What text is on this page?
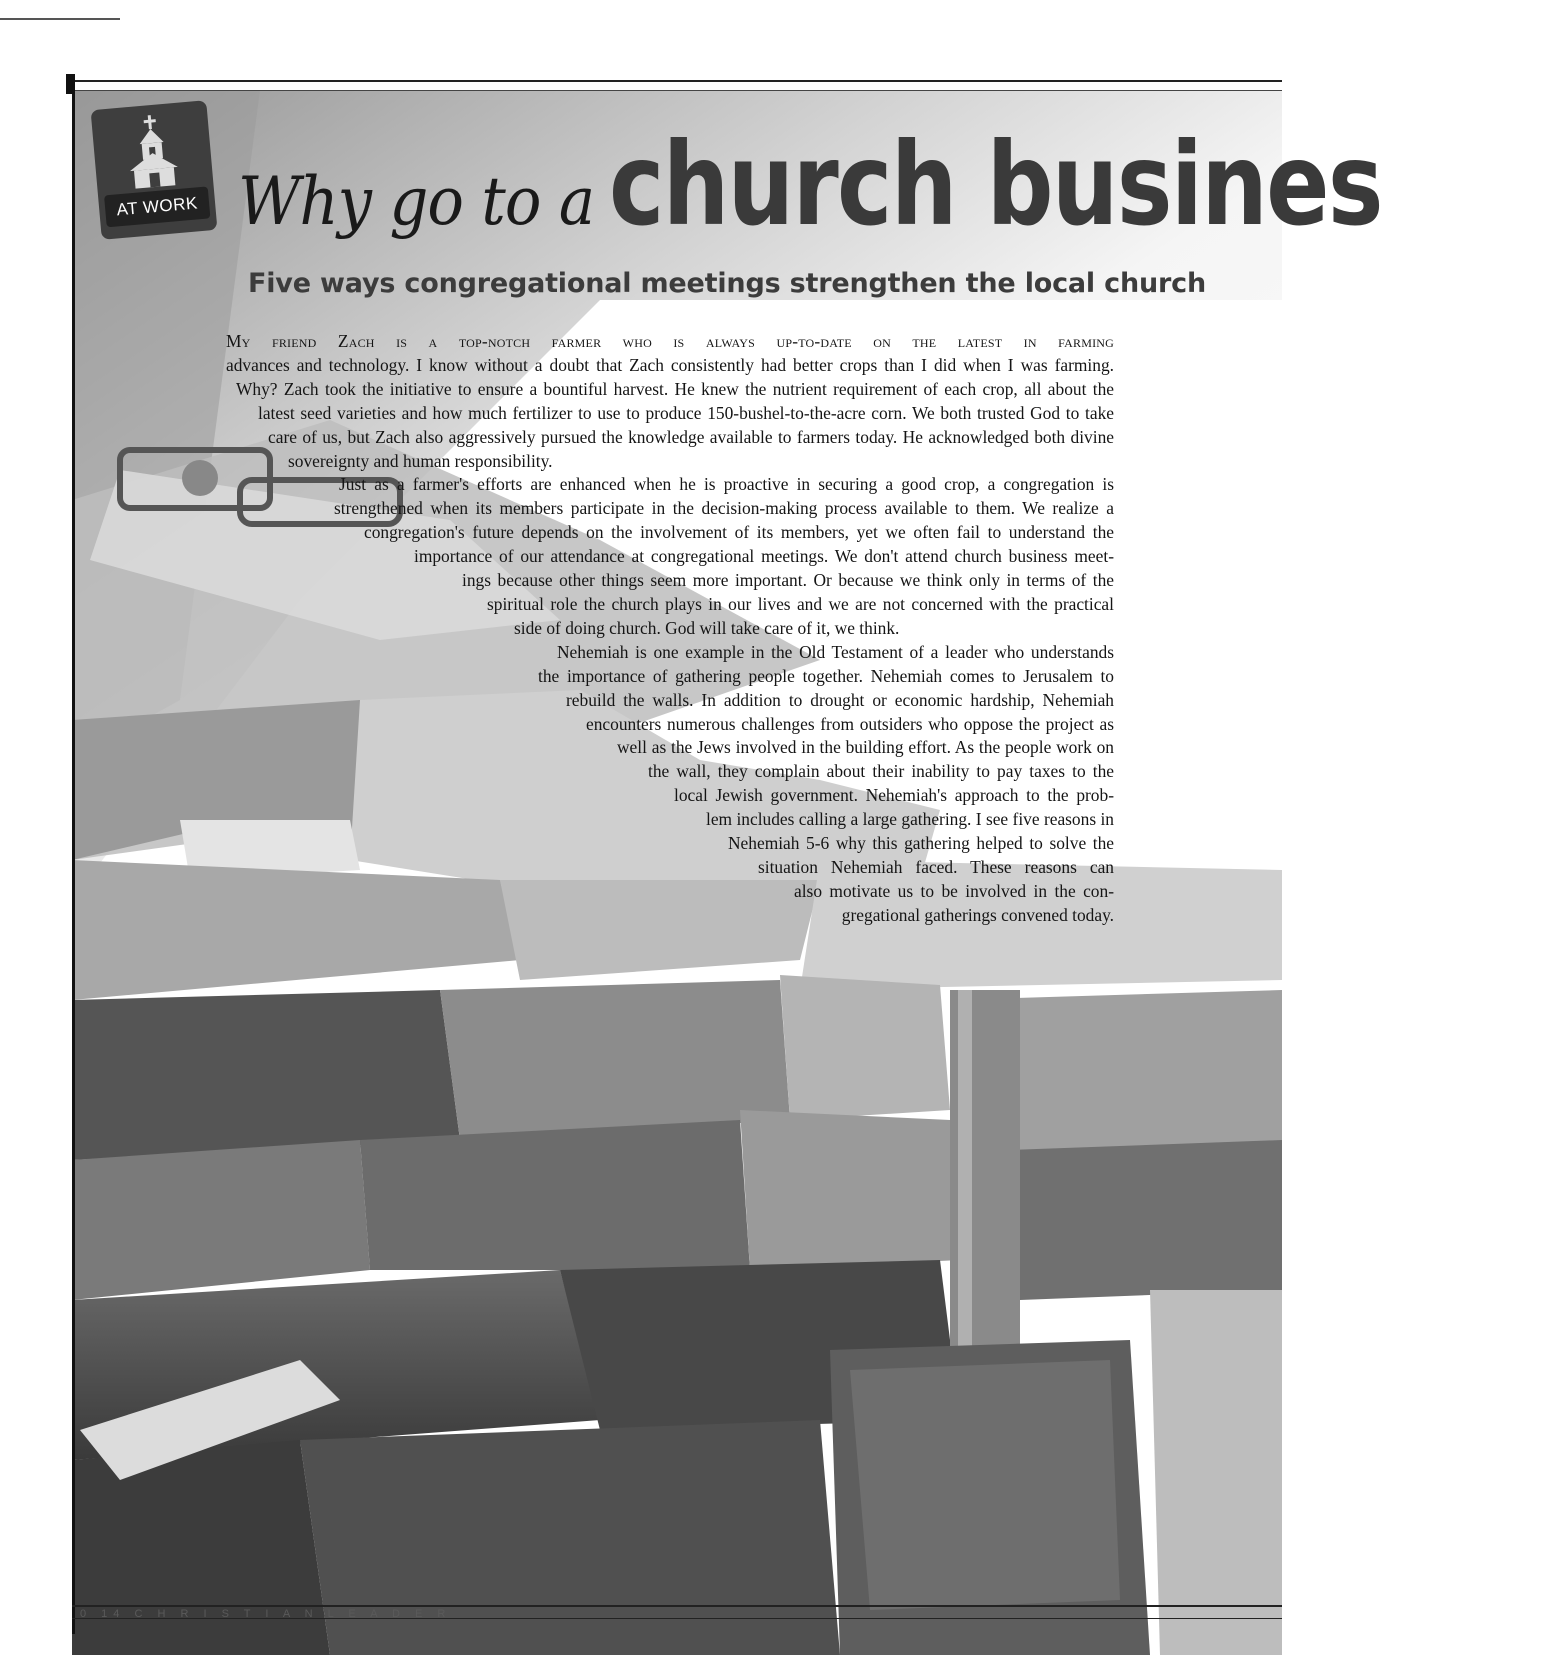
AT WORK Why go to a church busines
Five ways congregational meetings strengthen the local church
My friend Zach is a top-notch farmer who is always up-to-date on the latest in farming
advances and technology. I know without a doubt that Zach consistently had better crops than I did when I was farming.
Why? Zach took the initiative to ensure a bountiful harvest. He knew the nutrient requirement of each crop, all about the
latest seed varieties and how much fertilizer to use to produce 150-bushel-to-the-acre corn. We both trusted God to take
care of us, but Zach also aggressively pursued the knowledge available to farmers today. He acknowledged both divine
sovereignty and human responsibility.
Just as a farmer's efforts are enhanced when he is proactive in securing a good crop, a congregation is
strengthened when its members participate in the decision-making process available to them. We realize a
congregation's future depends on the involvement of its members, yet we often fail to understand the
importance of our attendance at congregational meetings. We don't attend church business meet-
ings because other things seem more important. Or because we think only in terms of the
spiritual role the church plays in our lives and we are not concerned with the practical
side of doing church. God will take care of it, we think.
Nehemiah is one example in the Old Testament of a leader who understands
the importance of gathering people together. Nehemiah comes to Jerusalem to
rebuild the walls. In addition to drought or economic hardship, Nehemiah
encounters numerous challenges from outsiders who oppose the project as
well as the Jews involved in the building effort. As the people work on
the wall, they complain about their inability to pay taxes to the
local Jewish government. Nehemiah's approach to the prob-
lem includes calling a large gathering. I see five reasons in
Nehemiah 5-6 why this gathering helped to solve the
situation Nehemiah faced. These reasons can
also motivate us to be involved in the con-
gregational gatherings convened today.
0 14 C H R I S T I A N L E A D E R
